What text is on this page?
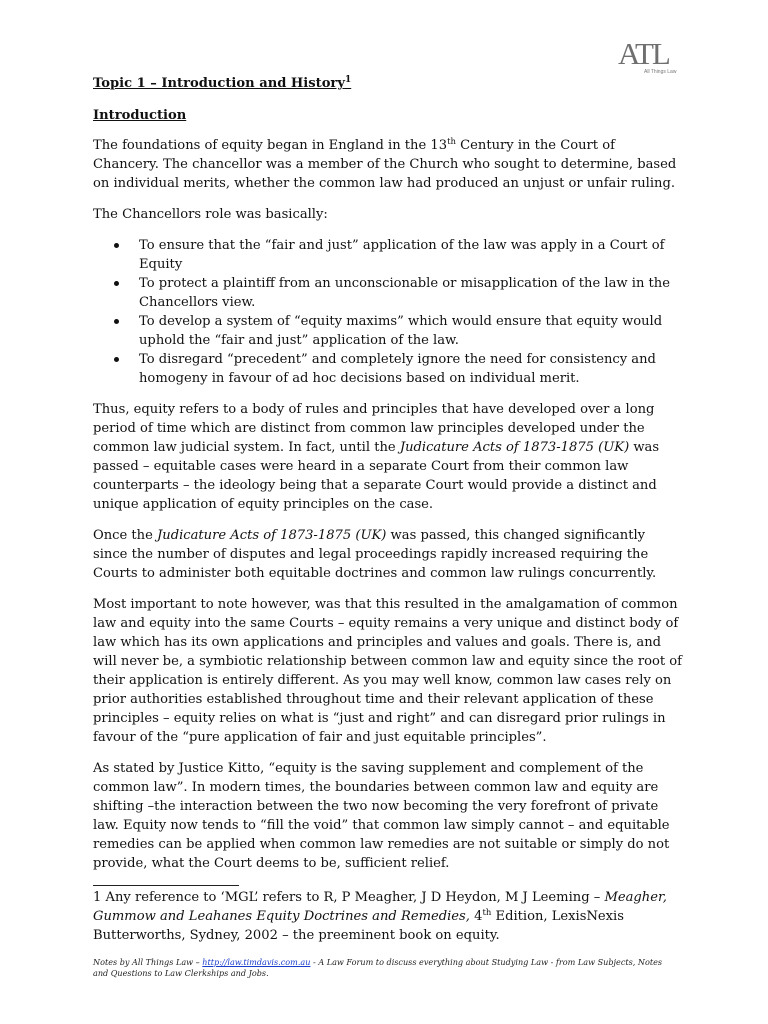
ATL
All Things Law
Topic 1 – Introduction and History$^1$
Introduction

The foundations of equity began in England in the 13th Century in the Court of Chancery. The chancellor was a member of the Church who sought to determine, based on individual merits, whether the common law had produced an unjust or unfair ruling.

The Chancellors role was basically:

To ensure that the “fair and just” application of the law was apply in a Court of Equity
To protect a plaintiff from an unconscionable or misapplication of the law in the Chancellors view.
To develop a system of “equity maxims” which would ensure that equity would uphold the “fair and just” application of the law.
To disregard “precedent” and completely ignore the need for consistency and homogeny in favour of ad hoc decisions based on individual merit.

Thus, equity refers to a body of rules and principles that have developed over a long period of time which are distinct from common law principles developed under the common law judicial system. In fact, until the Judicature Acts of 1873-1875 (UK) was passed – equitable cases were heard in a separate Court from their common law counterparts – the ideology being that a separate Court would provide a distinct and unique application of equity principles on the case.

Once the Judicature Acts of 1873-1875 (UK) was passed, this changed significantly since the number of disputes and legal proceedings rapidly increased requiring the Courts to administer both equitable doctrines and common law rulings concurrently.

Most important to note however, was that this resulted in the amalgamation of common law and equity into the same Courts – equity remains a very unique and distinct body of law which has its own applications and principles and values and goals. There is, and will never be, a symbiotic relationship between common law and equity since the root of their application is entirely different. As you may well know, common law cases rely on prior authorities established throughout time and their relevant application of these principles – equity relies on what is “just and right” and can disregard prior rulings in favour of the “pure application of fair and just equitable principles”.

As stated by Justice Kitto, “equity is the saving supplement and complement of the common law”. In modern times, the boundaries between common law and equity are shifting –the interaction between the two now becoming the very forefront of private law. Equity now tends to “fill the void” that common law simply cannot – and equitable remedies can be applied when common law remedies are not suitable or simply do not provide, what the Court deems to be, sufficient relief.

1 Any reference to ‘MGL’ refers to R, P Meagher, J D Heydon, M J Leeming – Meagher, Gummow and Leahanes Equity Doctrines and Remedies, 4th Edition, LexisNexis Butterworths, Sydney, 2002 – the preeminent book on equity.
Notes by All Things Law – http://law.timdavis.com.au - A Law Forum to discuss everything about Studying Law - from Law Subjects, Notes and Questions to Law Clerkships and Jobs.
